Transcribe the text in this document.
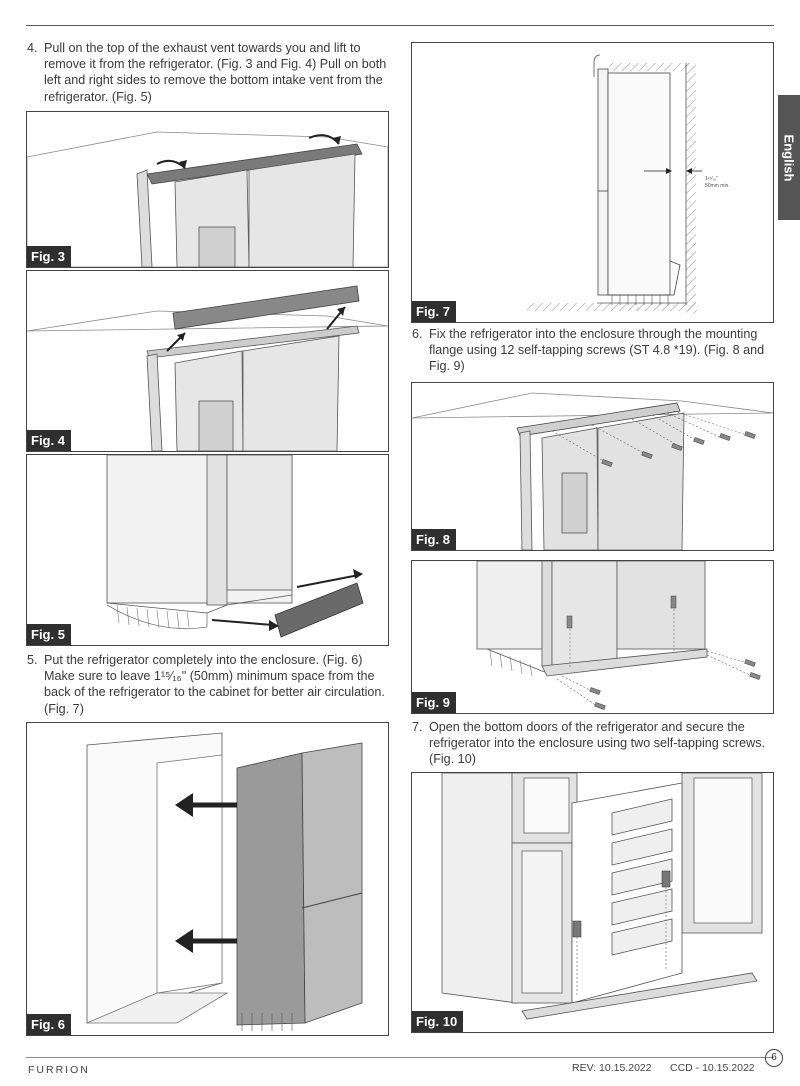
English
4. Pull on the top of the exhaust vent towards you and lift to remove it from the refrigerator. (Fig. 3 and Fig. 4) Pull on both left and right sides to remove the bottom intake vent from the refrigerator. (Fig. 5)
Fig. 3
Fig. 4
Fig. 5
5. Put the refrigerator completely into the enclosure. (Fig. 6) Make sure to leave 1¹⁵⁄₁₆" (50mm) minimum space from the back of the refrigerator to the cabinet for better air circulation. (Fig. 7)
Fig. 6
1¹⁵⁄₁₆"
50mm min.
Fig. 7
6. Fix the refrigerator into the enclosure through the mounting flange using 12 self-tapping screws (ST 4.8 *19). (Fig. 8 and Fig. 9)
Fig. 8
Fig. 9
7. Open the bottom doors of the refrigerator and secure the refrigerator into the enclosure using two self-tapping screws. (Fig. 10)
Fig. 10
FURRION	REV: 10.15.2022 CCD - 10.15.2022
6
